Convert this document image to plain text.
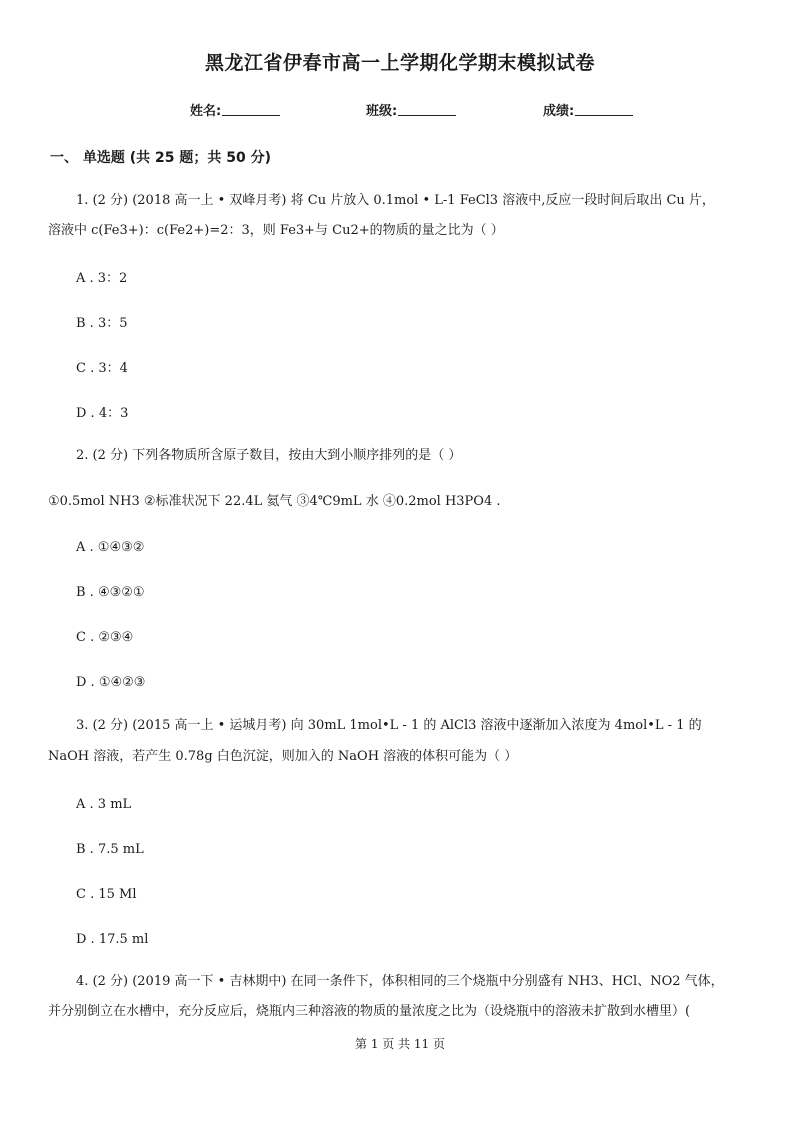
黑龙江省伊春市高一上学期化学期末模拟试卷
姓名:	班级:	成绩:
一、 单选题 (共 25 题；共 50 分)
1. (2 分) (2018 高一上 • 双峰月考) 将 Cu 片放入 0.1mol • L-1 FeCl3 溶液中,反应一段时间后取出 Cu 片，
溶液中 c(Fe3+)：c(Fe2+)=2：3，则 Fe3+与 Cu2+的物质的量之比为（ ）
A . 3：2
B . 3：5
C . 3：4
D . 4：3
2. (2 分) 下列各物质所含原子数目，按由大到小顺序排列的是（ ）
①0.5mol NH3 ②标准状况下 22.4L 氦气 ③4℃9mL 水 ④0.2mol H3PO4 .
A . ①④③②
B . ④③②①
C . ②③④
D . ①④②③
3. (2 分) (2015 高一上 • 运城月考) 向 30mL 1mol•L - 1 的 AlCl3 溶液中逐渐加入浓度为 4mol•L - 1 的
NaOH 溶液，若产生 0.78g 白色沉淀，则加入的 NaOH 溶液的体积可能为（ ）
A . 3 mL
B . 7.5 mL
C . 15 Ml
D . 17.5 ml
4. (2 分) (2019 高一下 • 吉林期中) 在同一条件下，体积相同的三个烧瓶中分别盛有 NH3、HCl、NO2 气体，
并分别倒立在水槽中，充分反应后，烧瓶内三种溶液的物质的量浓度之比为（设烧瓶中的溶液未扩散到水槽里）(
第 1 页 共 11 页
